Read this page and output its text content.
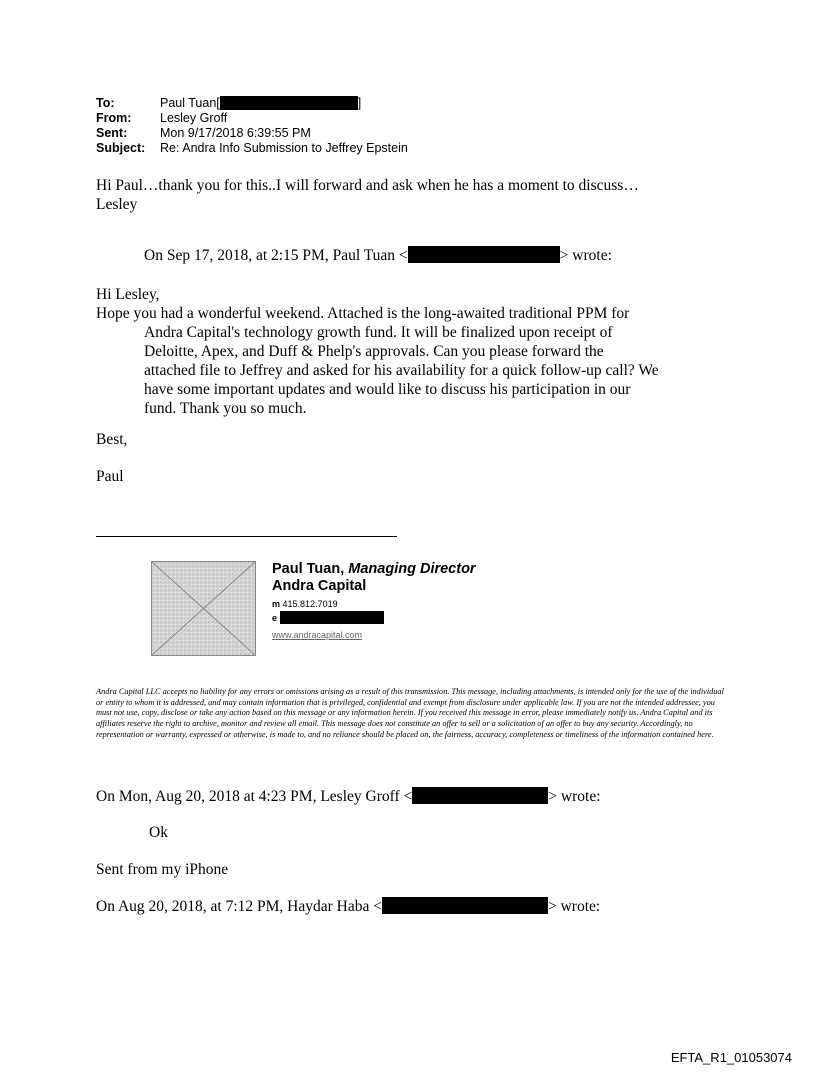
To:	Paul Tuan[	]
From: Lesley Groff
Sent:	Mon 9/17/2018 6:39:55 PM
Subject: Re: Andra Info Submission to Jeffrey Epstein
Hi Paul…thank you for this..I will forward and ask when he has a moment to discuss…
Lesley
On Sep 17, 2018, at 2:15 PM, Paul Tuan <	> wrote:
Hi Lesley,
Hope you had a wonderful weekend. Attached is the long-awaited traditional PPM for
Andra Capital's technology growth fund. It will be finalized upon receipt of
Deloitte, Apex, and Duff & Phelp's approvals. Can you please forward the
attached file to Jeffrey and asked for his availability for a quick follow-up call? We
have some important updates and would like to discuss his participation in our
fund. Thank you so much.
Best,
Paul
Paul Tuan, Managing Director
Andra Capital
m 415.812.7019
e
www.andracapital.com
Andra Capital LLC accepts no liability for any errors or omissions arising as a result of this transmission. This message, including attachments, is intended only for the use of the individual or entity to whom it is addressed, and may contain information that is privileged, confidential and exempt from disclosure under applicable law. If you are not the intended addressee, you must not use, copy, disclose or take any action based on this message or any information herein. If you received this message in error, please immediately notify us. Andra Capital and its affiliates reserve the right to archive, monitor and review all email. This message does not constitute an offer to sell or a solicitation of an offer to buy any security. Accordingly, no representation or warranty, expressed or otherwise, is made to, and no reliance should be placed on, the fairness, accuracy, completeness or timeliness of the information contained here.
On Mon, Aug 20, 2018 at 4:23 PM, Lesley Groff <	> wrote:
Ok
Sent from my iPhone
On Aug 20, 2018, at 7:12 PM, Haydar Haba <	> wrote:
EFTA_R1_01053074
